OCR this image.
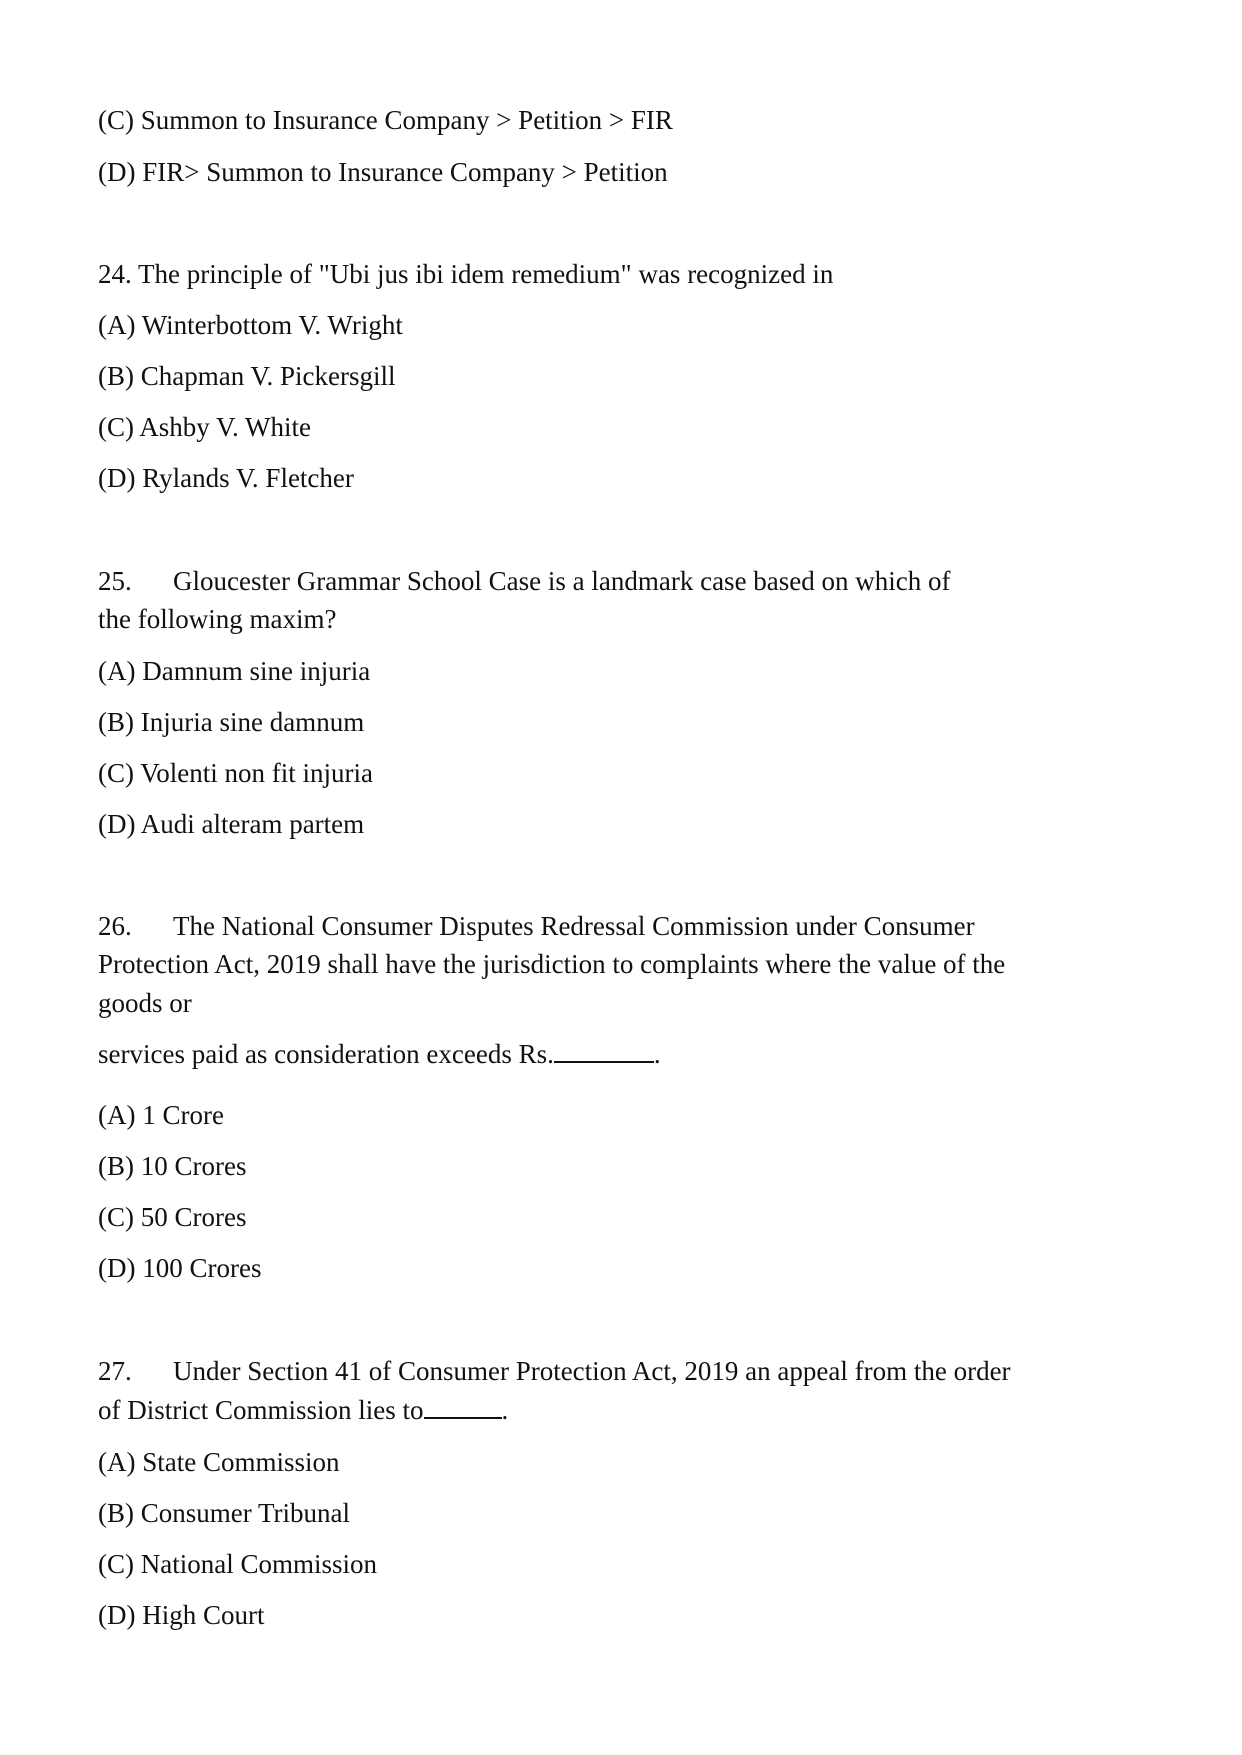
(C) Summon to Insurance Company > Petition > FIR
(D) FIR> Summon to Insurance Company > Petition
24. The principle of "Ubi jus ibi idem remedium" was recognized in
(A) Winterbottom V. Wright
(B) Chapman V. Pickersgill
(C) Ashby V. White
(D) Rylands V. Fletcher
25. Gloucester Grammar School Case is a landmark case based on which of
the following maxim?
(A) Damnum sine injuria
(B) Injuria sine damnum
(C) Volenti non fit injuria
(D) Audi alteram partem
26. The National Consumer Disputes Redressal Commission under Consumer
Protection Act, 2019 shall have the jurisdiction to complaints where the value of the
goods or
services paid as consideration exceeds Rs.	.
(A) 1 Crore
(B) 10 Crores
(C) 50 Crores
(D) 100 Crores
27. Under Section 41 of Consumer Protection Act, 2019 an appeal from the order
of District Commission lies to	.
(A) State Commission
(B) Consumer Tribunal
(C) National Commission
(D) High Court
